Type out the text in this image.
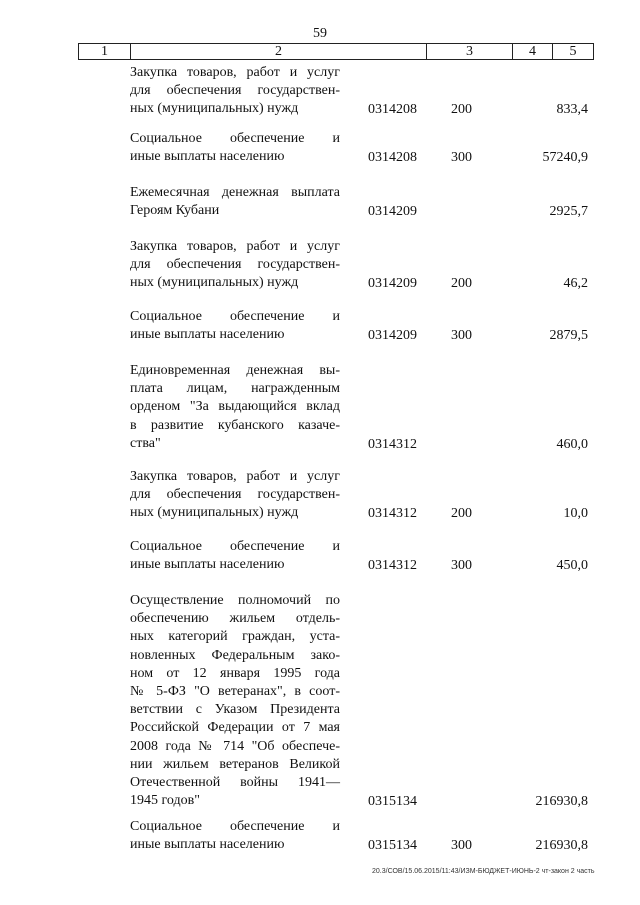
59
1	2	3	4	5
Закупка товаров, работ и услуг
для обеспечения государствен-
ных (муниципальных) нужд	0314208 200	833,4
Социальное обеспечение и
иные выплаты населению	0314208 300	57240,9
Ежемесячная денежная выплата
Героям Кубани	0314209	2925,7
Закупка товаров, работ и услуг
для обеспечения государствен-
ных (муниципальных) нужд	0314209 200	46,2
Социальное обеспечение и
иные выплаты населению	0314209 300	2879,5
Единовременная денежная вы-
плата лицам, награжденным
орденом "За выдающийся вклад
в развитие кубанского казаче-
ства"	0314312	460,0
Закупка товаров, работ и услуг
для обеспечения государствен-
ных (муниципальных) нужд	0314312 200	10,0
Социальное обеспечение и
иные выплаты населению	0314312 300	450,0
Осуществление полномочий по
обеспечению жильем отдель-
ных категорий граждан, уста-
новленных Федеральным зако-
ном от 12 января 1995 года
№ 5-ФЗ "О ветеранах", в соот-
ветствии с Указом Президента
Российской Федерации от 7 мая
2008 года № 714 "Об обеспече-
нии жильем ветеранов Великой
Отечественной войны 1941—
1945 годов"	0315134	216930,8
Социальное обеспечение и
иные выплаты населению	0315134 300	216930,8
20.3/СОВ/15.06.2015/11:43/ИЗМ-БЮДЖЕТ-ИЮНЬ-2 чт-закон 2 часть
